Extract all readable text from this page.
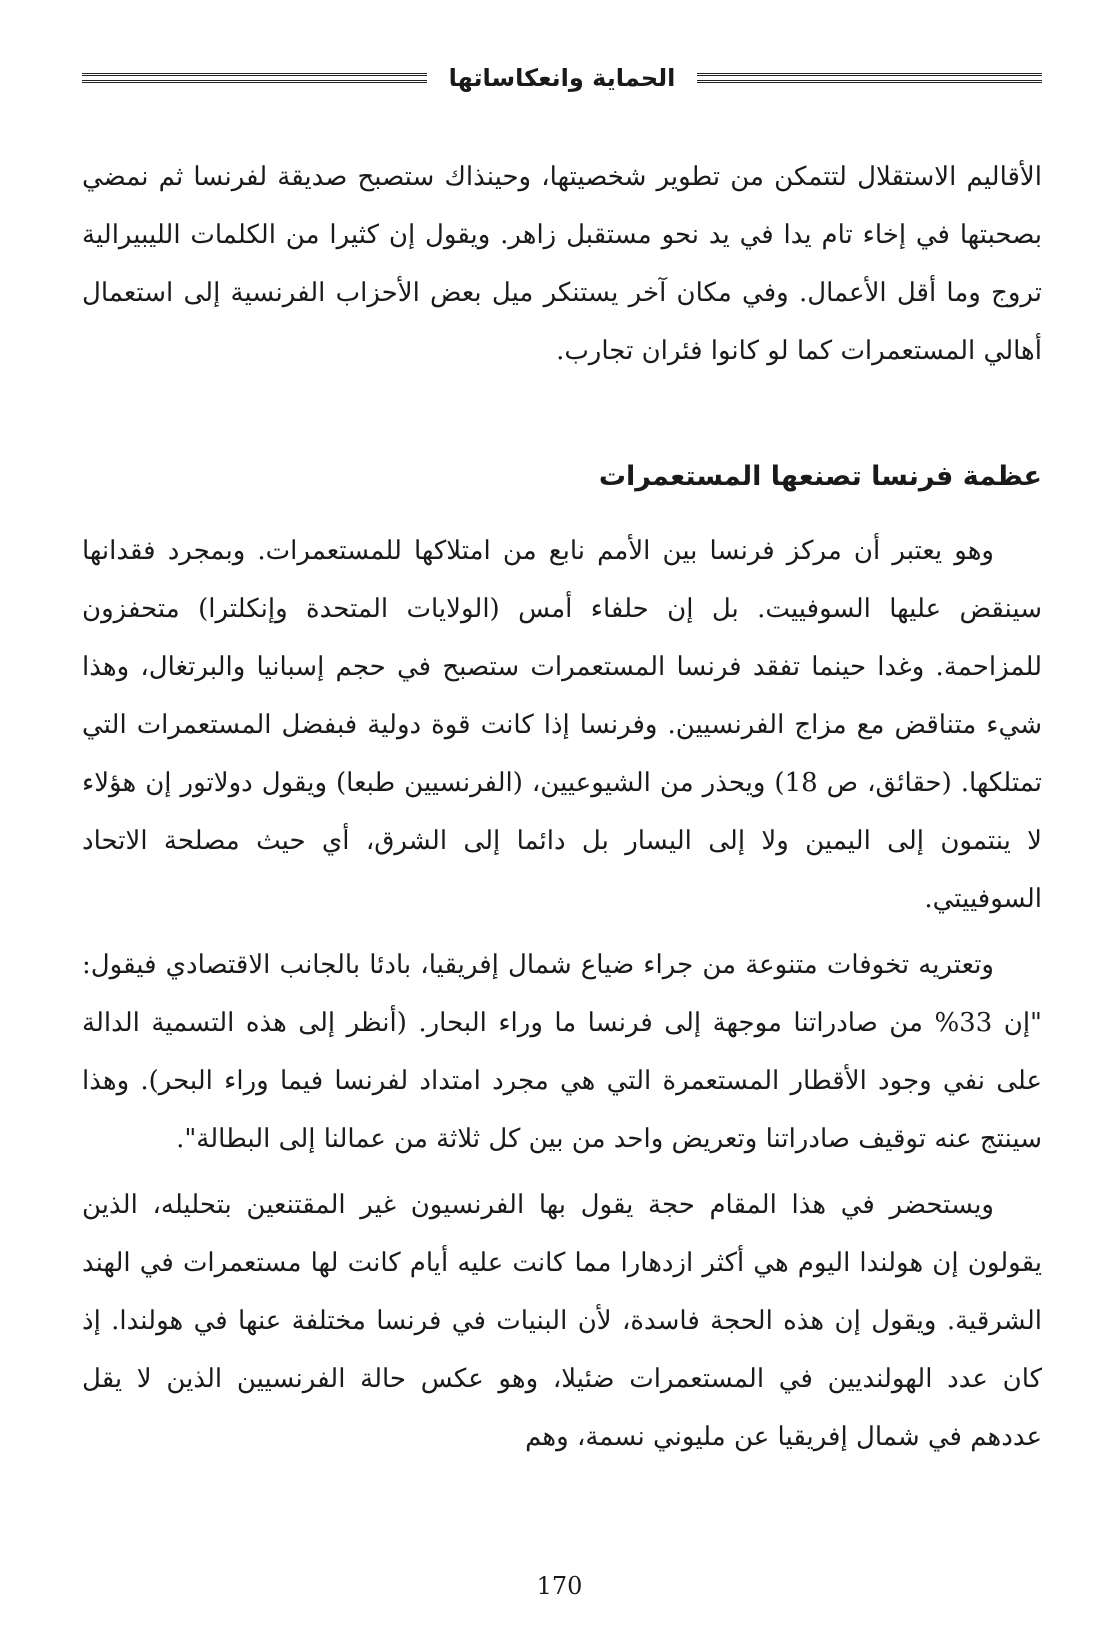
الحماية وانعكاساتها

الأقاليم الاستقلال لتتمكن من تطوير شخصيتها، وحينذاك ستصبح صديقة لفرنسا ثم نمضي بصحبتها في إخاء تام يدا في يد نحو مستقبل زاهر. ويقول إن كثيرا من الكلمات الليبيرالية تروج وما أقل الأعمال. وفي مكان آخر يستنكر ميل بعض الأحزاب الفرنسية إلى استعمال أهالي المستعمرات كما لو كانوا فئران تجارب.

عظمة فرنسا تصنعها المستعمرات

وهو يعتبر أن مركز فرنسا بين الأمم نابع من امتلاكها للمستعمرات. وبمجرد فقدانها سينقض عليها السوفييت. بل إن حلفاء أمس (الولايات المتحدة وإنكلترا) متحفزون للمزاحمة. وغدا حينما تفقد فرنسا المستعمرات ستصبح في حجم إسبانيا والبرتغال، وهذا شيء متناقض مع مزاج الفرنسيين. وفرنسا إذا كانت قوة دولية فبفضل المستعمرات التي تمتلكها. (حقائق، ص 18) ويحذر من الشيوعيين، (الفرنسيين طبعا) ويقول دولاتور إن هؤلاء لا ينتمون إلى اليمين ولا إلى اليسار بل دائما إلى الشرق، أي حيث مصلحة الاتحاد السوفييتي.

وتعتريه تخوفات متنوعة من جراء ضياع شمال إفريقيا، بادئا بالجانب الاقتصادي فيقول: "إن 33% من صادراتنا موجهة إلى فرنسا ما وراء البحار. (أنظر إلى هذه التسمية الدالة على نفي وجود الأقطار المستعمرة التي هي مجرد امتداد لفرنسا فيما وراء البحر). وهذا سينتج عنه توقيف صادراتنا وتعريض واحد من بين كل ثلاثة من عمالنا إلى البطالة".

ويستحضر في هذا المقام حجة يقول بها الفرنسيون غير المقتنعين بتحليله، الذين يقولون إن هولندا اليوم هي أكثر ازدهارا مما كانت عليه أيام كانت لها مستعمرات في الهند الشرقية. ويقول إن هذه الحجة فاسدة، لأن البنيات في فرنسا مختلفة عنها في هولندا. إذ كان عدد الهولنديين في المستعمرات ضئيلا، وهو عكس حالة الفرنسيين الذين لا يقل عددهم في شمال إفريقيا عن مليوني نسمة، وهم

170
